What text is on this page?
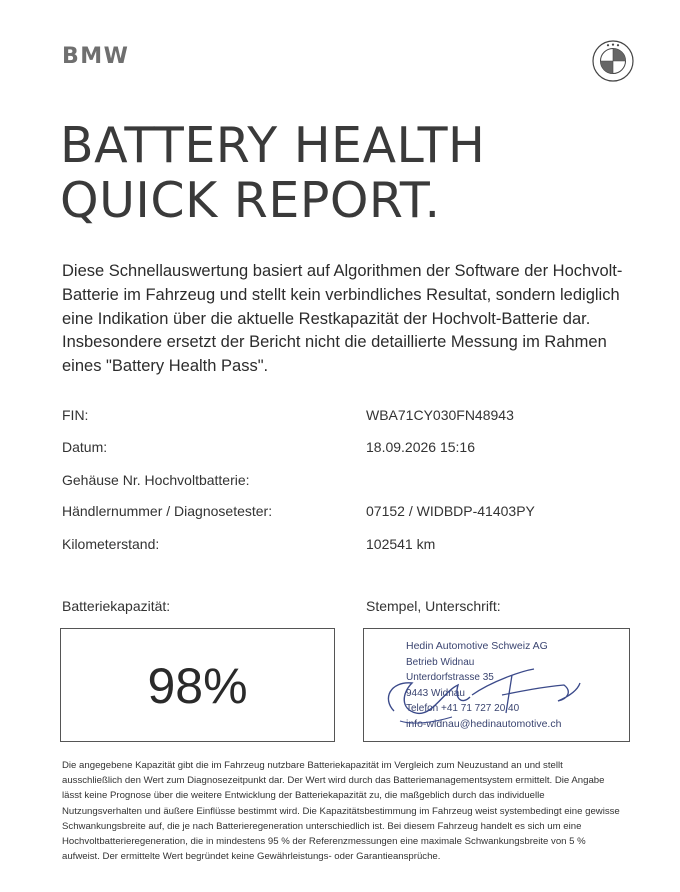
BMW
BATTERY HEALTH
QUICK REPORT.

Diese Schnellauswertung basiert auf Algorithmen der Software der Hochvolt-Batterie im Fahrzeug und stellt kein verbindliches Resultat, sondern lediglich eine Indikation über die aktuelle Restkapazität der Hochvolt-Batterie dar. Insbesondere ersetzt der Bericht nicht die detaillierte Messung im Rahmen eines "Battery Health Pass".

FIN:	WBA71CY030FN48943
Datum:	18.09.2026 15:16
Gehäuse Nr. Hochvoltbatterie:
Händlernummer / Diagnosetester:	07152 / WIDBDP-41403PY
Kilometerstand:	102541 km
Batteriekapazität:	Stempel, Unterschrift:
98%
Hedin Automotive Schweiz AG
Betrieb Widnau
Unterdorfstrasse 35
9443 Widnau
Telefon +41 71 727 20 40
info-widnau@hedinautomotive.ch

Die angegebene Kapazität gibt die im Fahrzeug nutzbare Batteriekapazität im Vergleich zum Neuzustand an und stellt ausschließlich den Wert zum Diagnosezeitpunkt dar. Der Wert wird durch das Batteriemanagementsystem ermittelt. Die Angabe lässt keine Prognose über die weitere Entwicklung der Batteriekapazität zu, die maßgeblich durch das individuelle Nutzungsverhalten und äußere Einflüsse bestimmt wird. Die Kapazitätsbestimmung im Fahrzeug weist systembedingt eine gewisse Schwankungsbreite auf, die je nach Batterieregeneration unterschiedlich ist. Bei diesem Fahrzeug handelt es sich um eine Hochvoltbatterieregeneration, die in mindestens 95 % der Referenzmessungen eine maximale Schwankungsbreite von 5 % aufweist. Der ermittelte Wert begründet keine Gewährleistungs- oder Garantieansprüche.
